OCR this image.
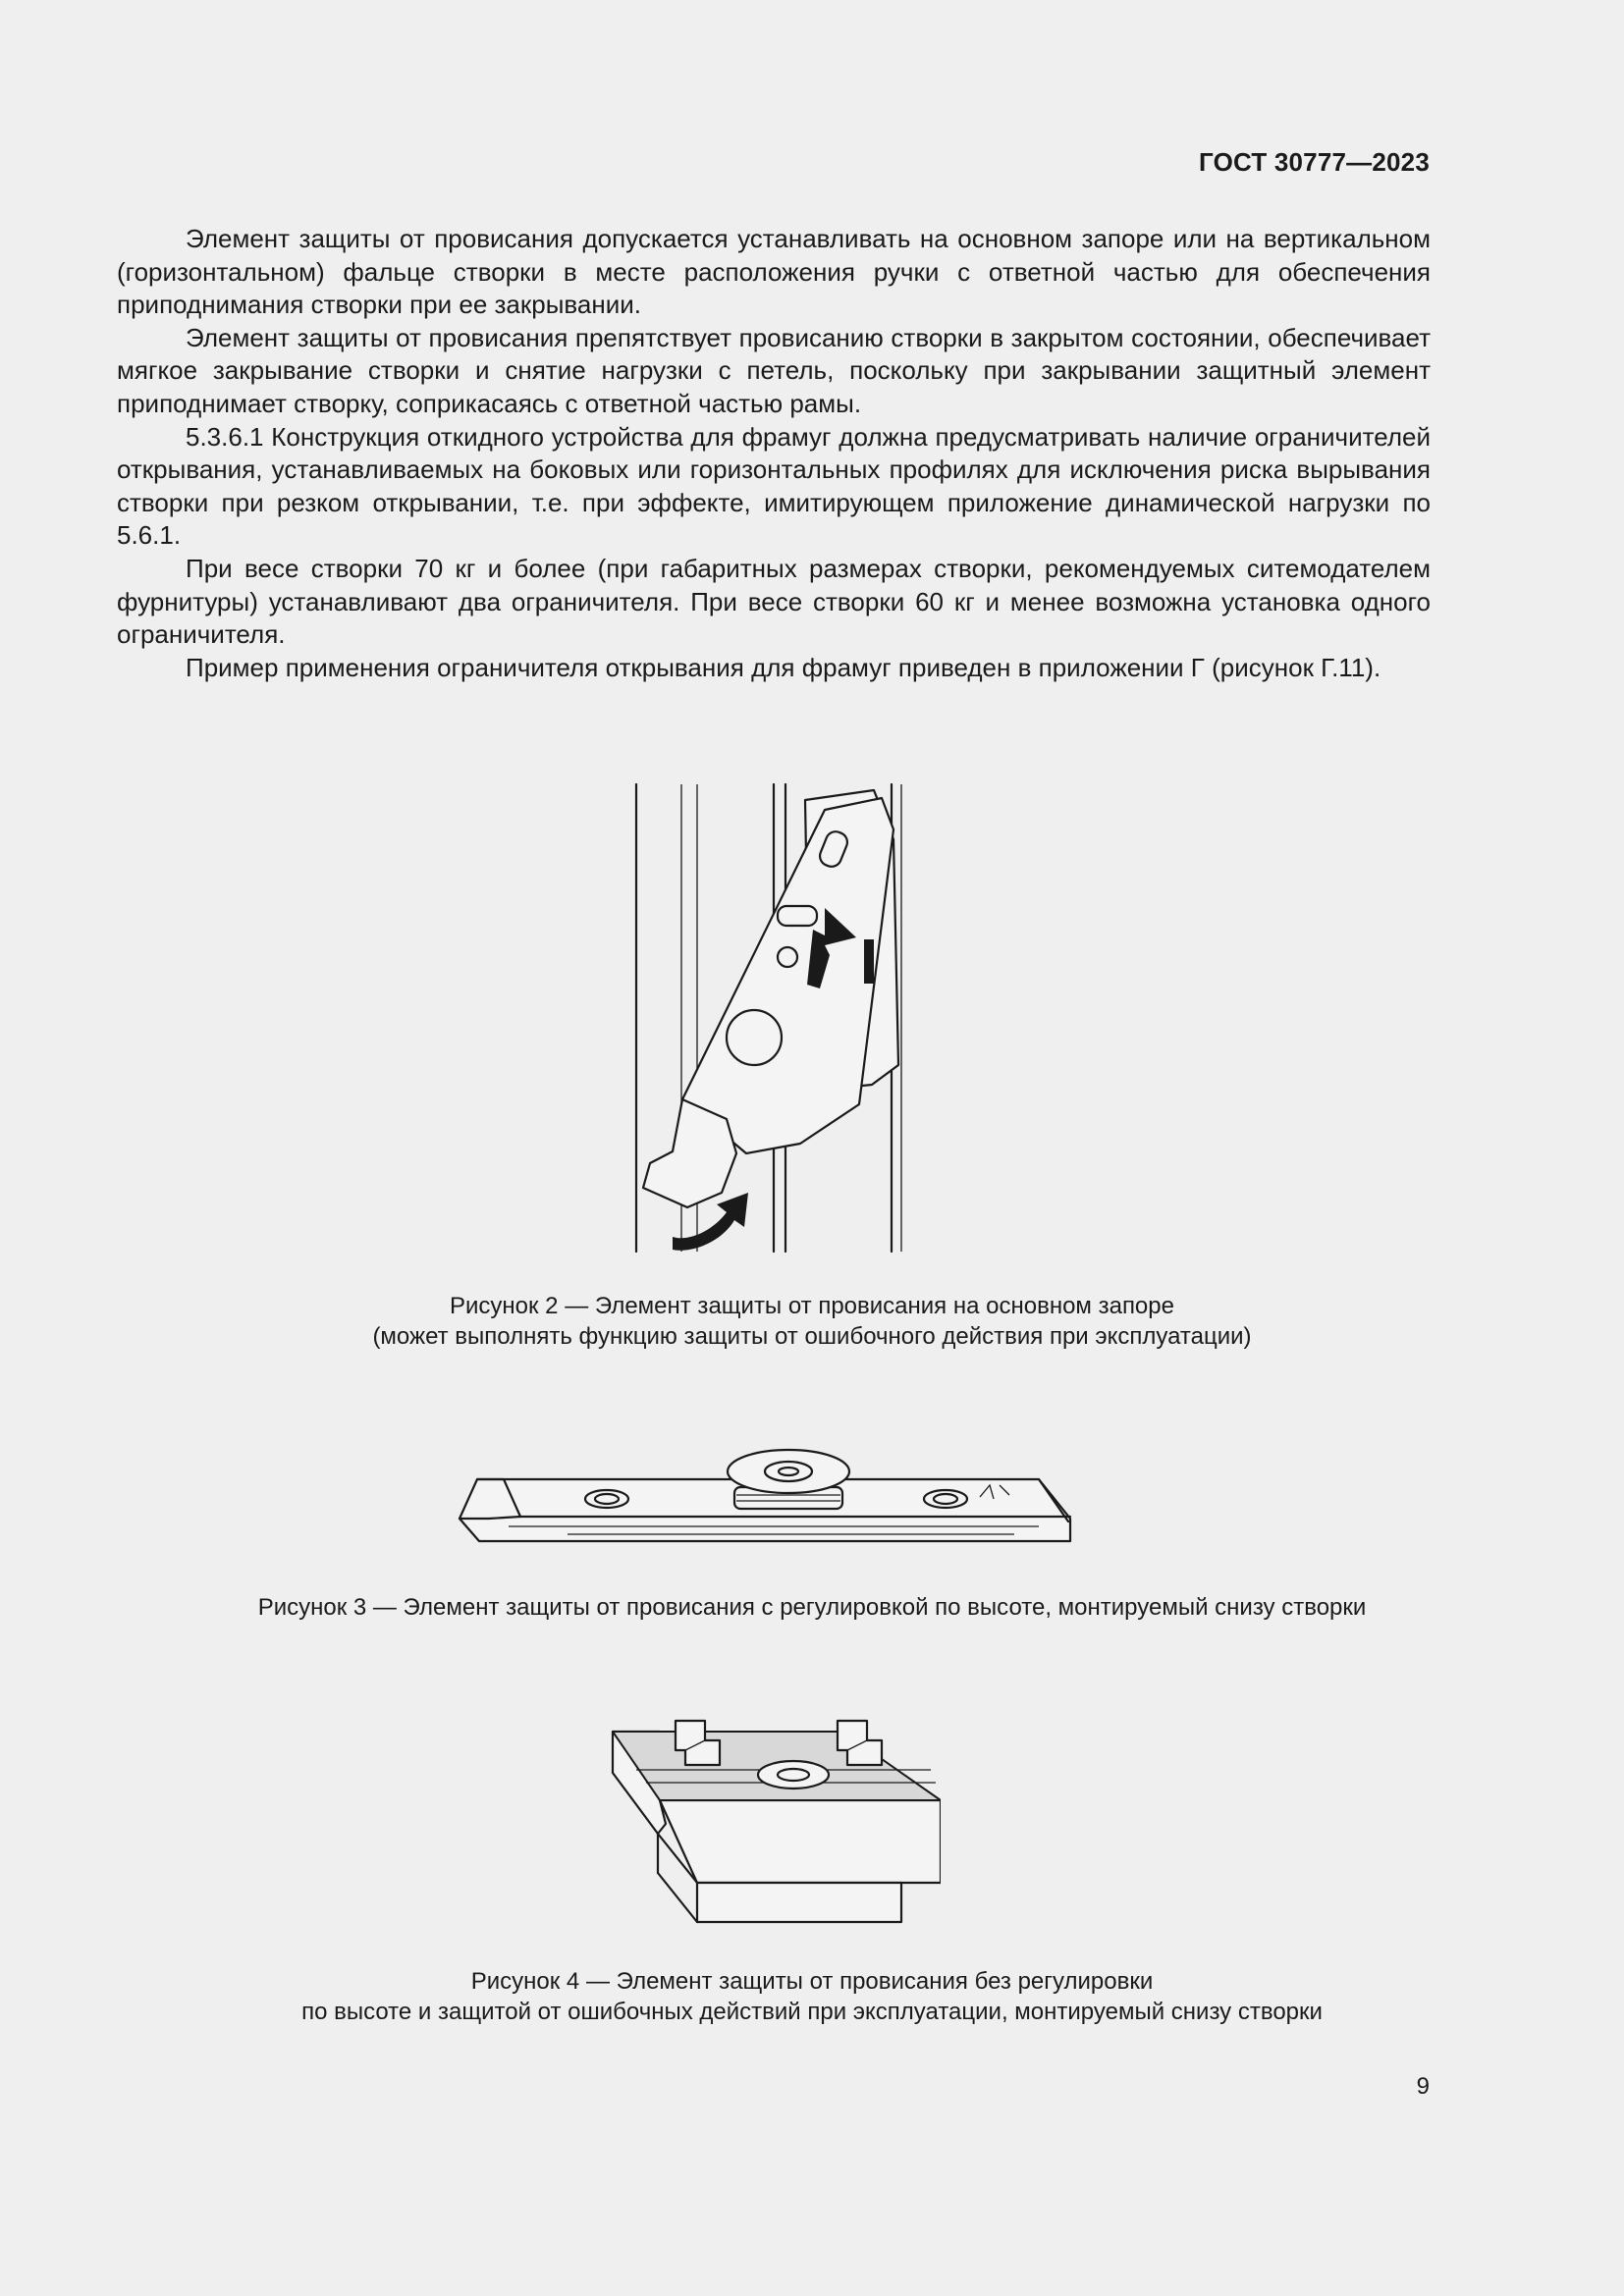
ГОСТ 30777—2023

Элемент защиты от провисания допускается устанавливать на основном запоре или на вертикальном (горизонтальном) фальце створки в месте расположения ручки с ответной частью для обеспечения приподнимания створки при ее закрывании.

Элемент защиты от провисания препятствует провисанию створки в закрытом состоянии, обеспечивает мягкое закрывание створки и снятие нагрузки с петель, поскольку при закрывании защитный элемент приподнимает створку, соприкасаясь с ответной частью рамы.

5.3.6.1 Конструкция откидного устройства для фрамуг должна предусматривать наличие ограничителей открывания, устанавливаемых на боковых или горизонтальных профилях для исключения риска вырывания створки при резком открывании, т.е. при эффекте, имитирующем приложение динамической нагрузки по 5.6.1.

При весе створки 70 кг и более (при габаритных размерах створки, рекомендуемых ситемодателем фурнитуры) устанавливают два ограничителя. При весе створки 60 кг и менее возможна установка одного ограничителя.

Пример применения ограничителя открывания для фрамуг приведен в приложении Г (рисунок Г.11).

Рисунок 2 — Элемент защиты от провисания на основном запоре
(может выполнять функцию защиты от ошибочного действия при эксплуатации)
Рисунок 3 — Элемент защиты от провисания с регулировкой по высоте, монтируемый снизу створки
Рисунок 4 — Элемент защиты от провисания без регулировки
по высоте и защитой от ошибочных действий при эксплуатации, монтируемый снизу створки
9
